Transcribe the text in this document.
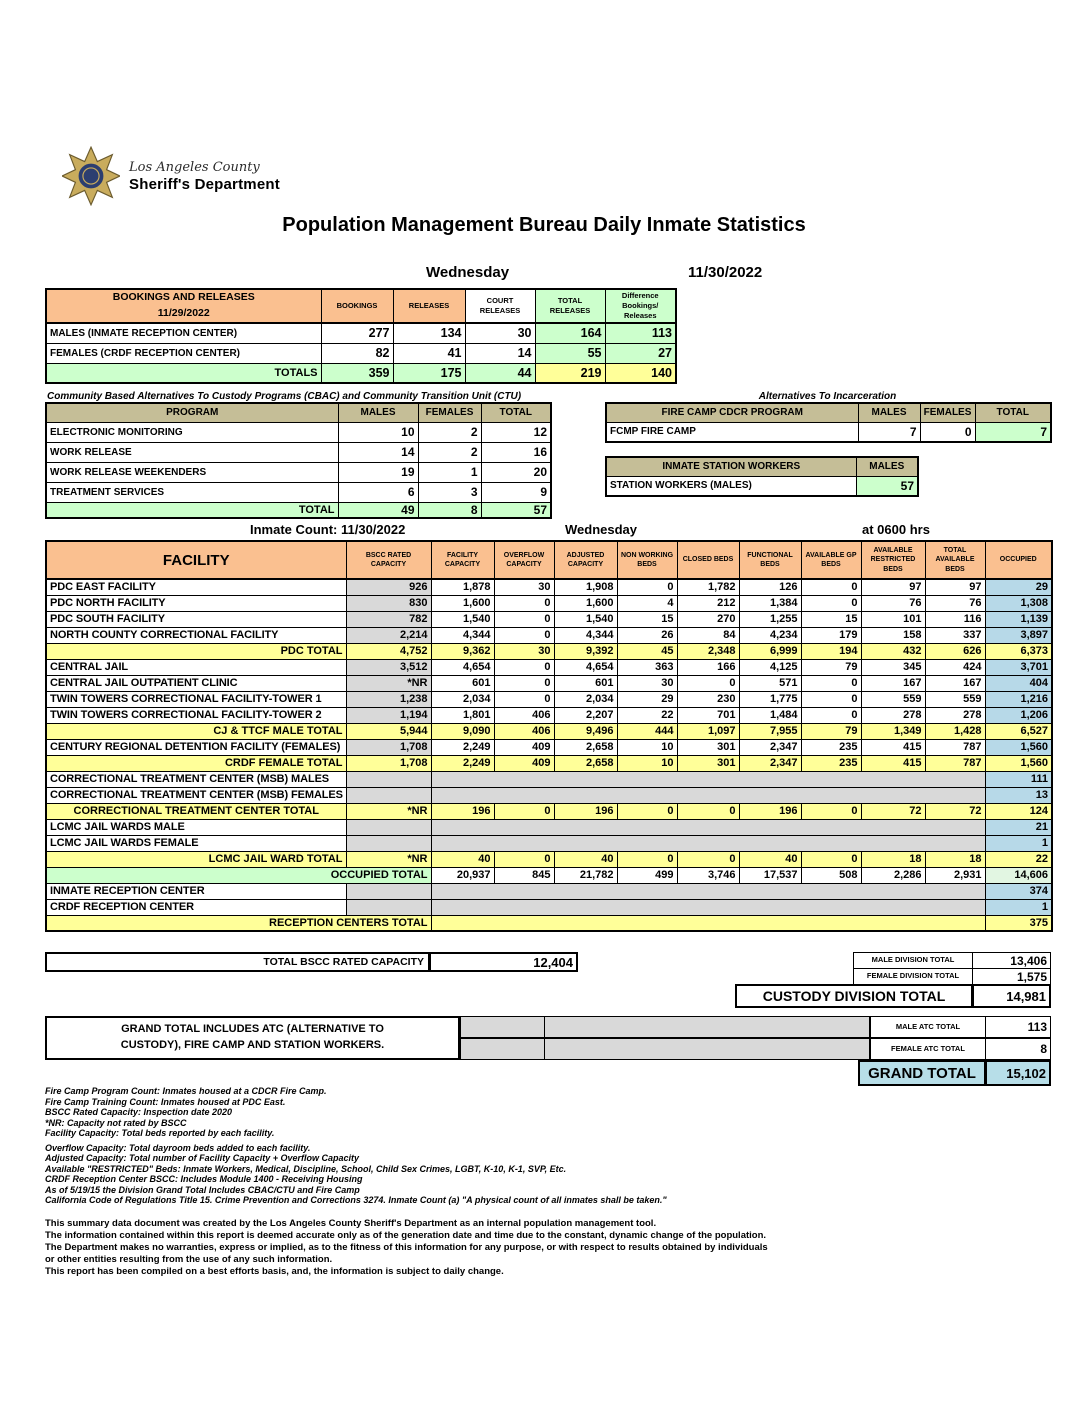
Los Angeles County
Sheriff's Department
Population Management Bureau Daily Inmate Statistics
Wednesday	11/30/2022
BOOKINGS AND RELEASES
11/29/2022	BOOKINGS	RELEASES	COURT RELEASES	TOTAL RELEASES	Difference Bookings/ Releases
MALES (INMATE RECEPTION CENTER)	277	134	30	164	113
FEMALES (CRDF RECEPTION CENTER)	82	41	14	55	27
TOTALS	359	175	44	219	140
Community Based Alternatives To Custody Programs (CBAC) and Community Transition Unit (CTU)
PROGRAM	MALES	FEMALES	TOTAL
ELECTRONIC MONITORING	10	2	12
WORK RELEASE	14	2	16
WORK RELEASE WEEKENDERS	19	1	20
TREATMENT SERVICES	6	3	9
TOTAL	49	8	57
Alternatives To Incarceration
FIRE CAMP CDCR PROGRAM	MALES	FEMALES	TOTAL
FCMP FIRE CAMP	7	0	7
INMATE STATION WORKERS	MALES
STATION WORKERS (MALES)	57
Inmate Count: 11/30/2022	Wednesday	at 0600 hrs
FACILITY	BSCC RATED CAPACITY	FACILITY CAPACITY	OVERFLOW CAPACITY	ADJUSTED CAPACITY	NON WORKING BEDS	CLOSED BEDS	FUNCTIONAL BEDS	AVAILABLE GP BEDS	AVAILABLE RESTRICTED BEDS	TOTAL AVAILABLE BEDS	OCCUPIED
PDC EAST FACILITY	926	1,878	30	1,908	0	1,782	126	0	97	97	29
PDC NORTH FACILITY	830	1,600	0	1,600	4	212	1,384	0	76	76	1,308
PDC SOUTH FACILITY	782	1,540	0	1,540	15	270	1,255	15	101	116	1,139
NORTH COUNTY CORRECTIONAL FACILITY	2,214	4,344	0	4,344	26	84	4,234	179	158	337	3,897
PDC TOTAL	4,752	9,362	30	9,392	45	2,348	6,999	194	432	626	6,373
CENTRAL JAIL	3,512	4,654	0	4,654	363	166	4,125	79	345	424	3,701
CENTRAL JAIL OUTPATIENT CLINIC	*NR	601	0	601	30	0	571	0	167	167	404
TWIN TOWERS CORRECTIONAL FACILITY-TOWER 1	1,238	2,034	0	2,034	29	230	1,775	0	559	559	1,216
TWIN TOWERS CORRECTIONAL FACILITY-TOWER 2	1,194	1,801	406	2,207	22	701	1,484	0	278	278	1,206
CJ & TTCF MALE TOTAL	5,944	9,090	406	9,496	444	1,097	7,955	79	1,349	1,428	6,527
CENTURY REGIONAL DETENTION FACILITY (FEMALES)	1,708	2,249	409	2,658	10	301	2,347	235	415	787	1,560
CRDF FEMALE TOTAL	1,708	2,249	409	2,658	10	301	2,347	235	415	787	1,560
CORRECTIONAL TREATMENT CENTER (MSB) MALES											111
CORRECTIONAL TREATMENT CENTER (MSB) FEMALES											13
CORRECTIONAL TREATMENT CENTER TOTAL	*NR	196	0	196	0	0	196	0	72	72	124
LCMC JAIL WARDS MALE											21
LCMC JAIL WARDS FEMALE											1
LCMC JAIL WARD TOTAL	*NR	40	0	40	0	0	40	0	18	18	22
OCCUPIED TOTAL		20,937	845	21,782	499	3,746	17,537	508	2,286	2,931	14,606
INMATE RECEPTION CENTER											374
CRDF RECEPTION CENTER											1
RECEPTION CENTERS TOTAL											375
TOTAL BSCC RATED CAPACITY	12,404	MALE DIVISION TOTAL	13,406
FEMALE DIVISION TOTAL	1,575
CUSTODY DIVISION TOTAL	14,981
GRAND TOTAL INCLUDES ATC (ALTERNATIVE TO
CUSTODY), FIRE CAMP AND STATION WORKERS.
MALE ATC TOTAL	113
FEMALE ATC TOTAL	8
GRAND TOTAL	15,102
Fire Camp Program Count: Inmates housed at a CDCR Fire Camp.
Fire Camp Training Count: Inmates housed at PDC East.
BSCC Rated Capacity: Inspection date 2020
*NR: Capacity not rated by BSCC
Facility Capacity: Total beds reported by each facility.
Overflow Capacity: Total dayroom beds added to each facility.
Adjusted Capacity: Total number of Facility Capacity + Overflow Capacity
Available "RESTRICTED" Beds: Inmate Workers, Medical, Discipline, School, Child Sex Crimes, LGBT, K-10, K-1, SVP, Etc.
CRDF Reception Center BSCC: Includes Module 1400 - Receiving Housing
As of 5/19/15 the Division Grand Total Includes CBAC/CTU and Fire Camp
California Code of Regulations Title 15. Crime Prevention and Corrections 3274. Inmate Count (a) "A physical count of all inmates shall be taken."
This summary data document was created by the Los Angeles County Sheriff's Department as an internal population management tool.
The information contained within this report is deemed accurate only as of the generation date and time due to the constant, dynamic change of the population.
The Department makes no warranties, express or implied, as to the fitness of this information for any purpose, or with respect to results obtained by individuals
or other entities resulting from the use of any such information.
This report has been compiled on a best efforts basis, and, the information is subject to daily change.
